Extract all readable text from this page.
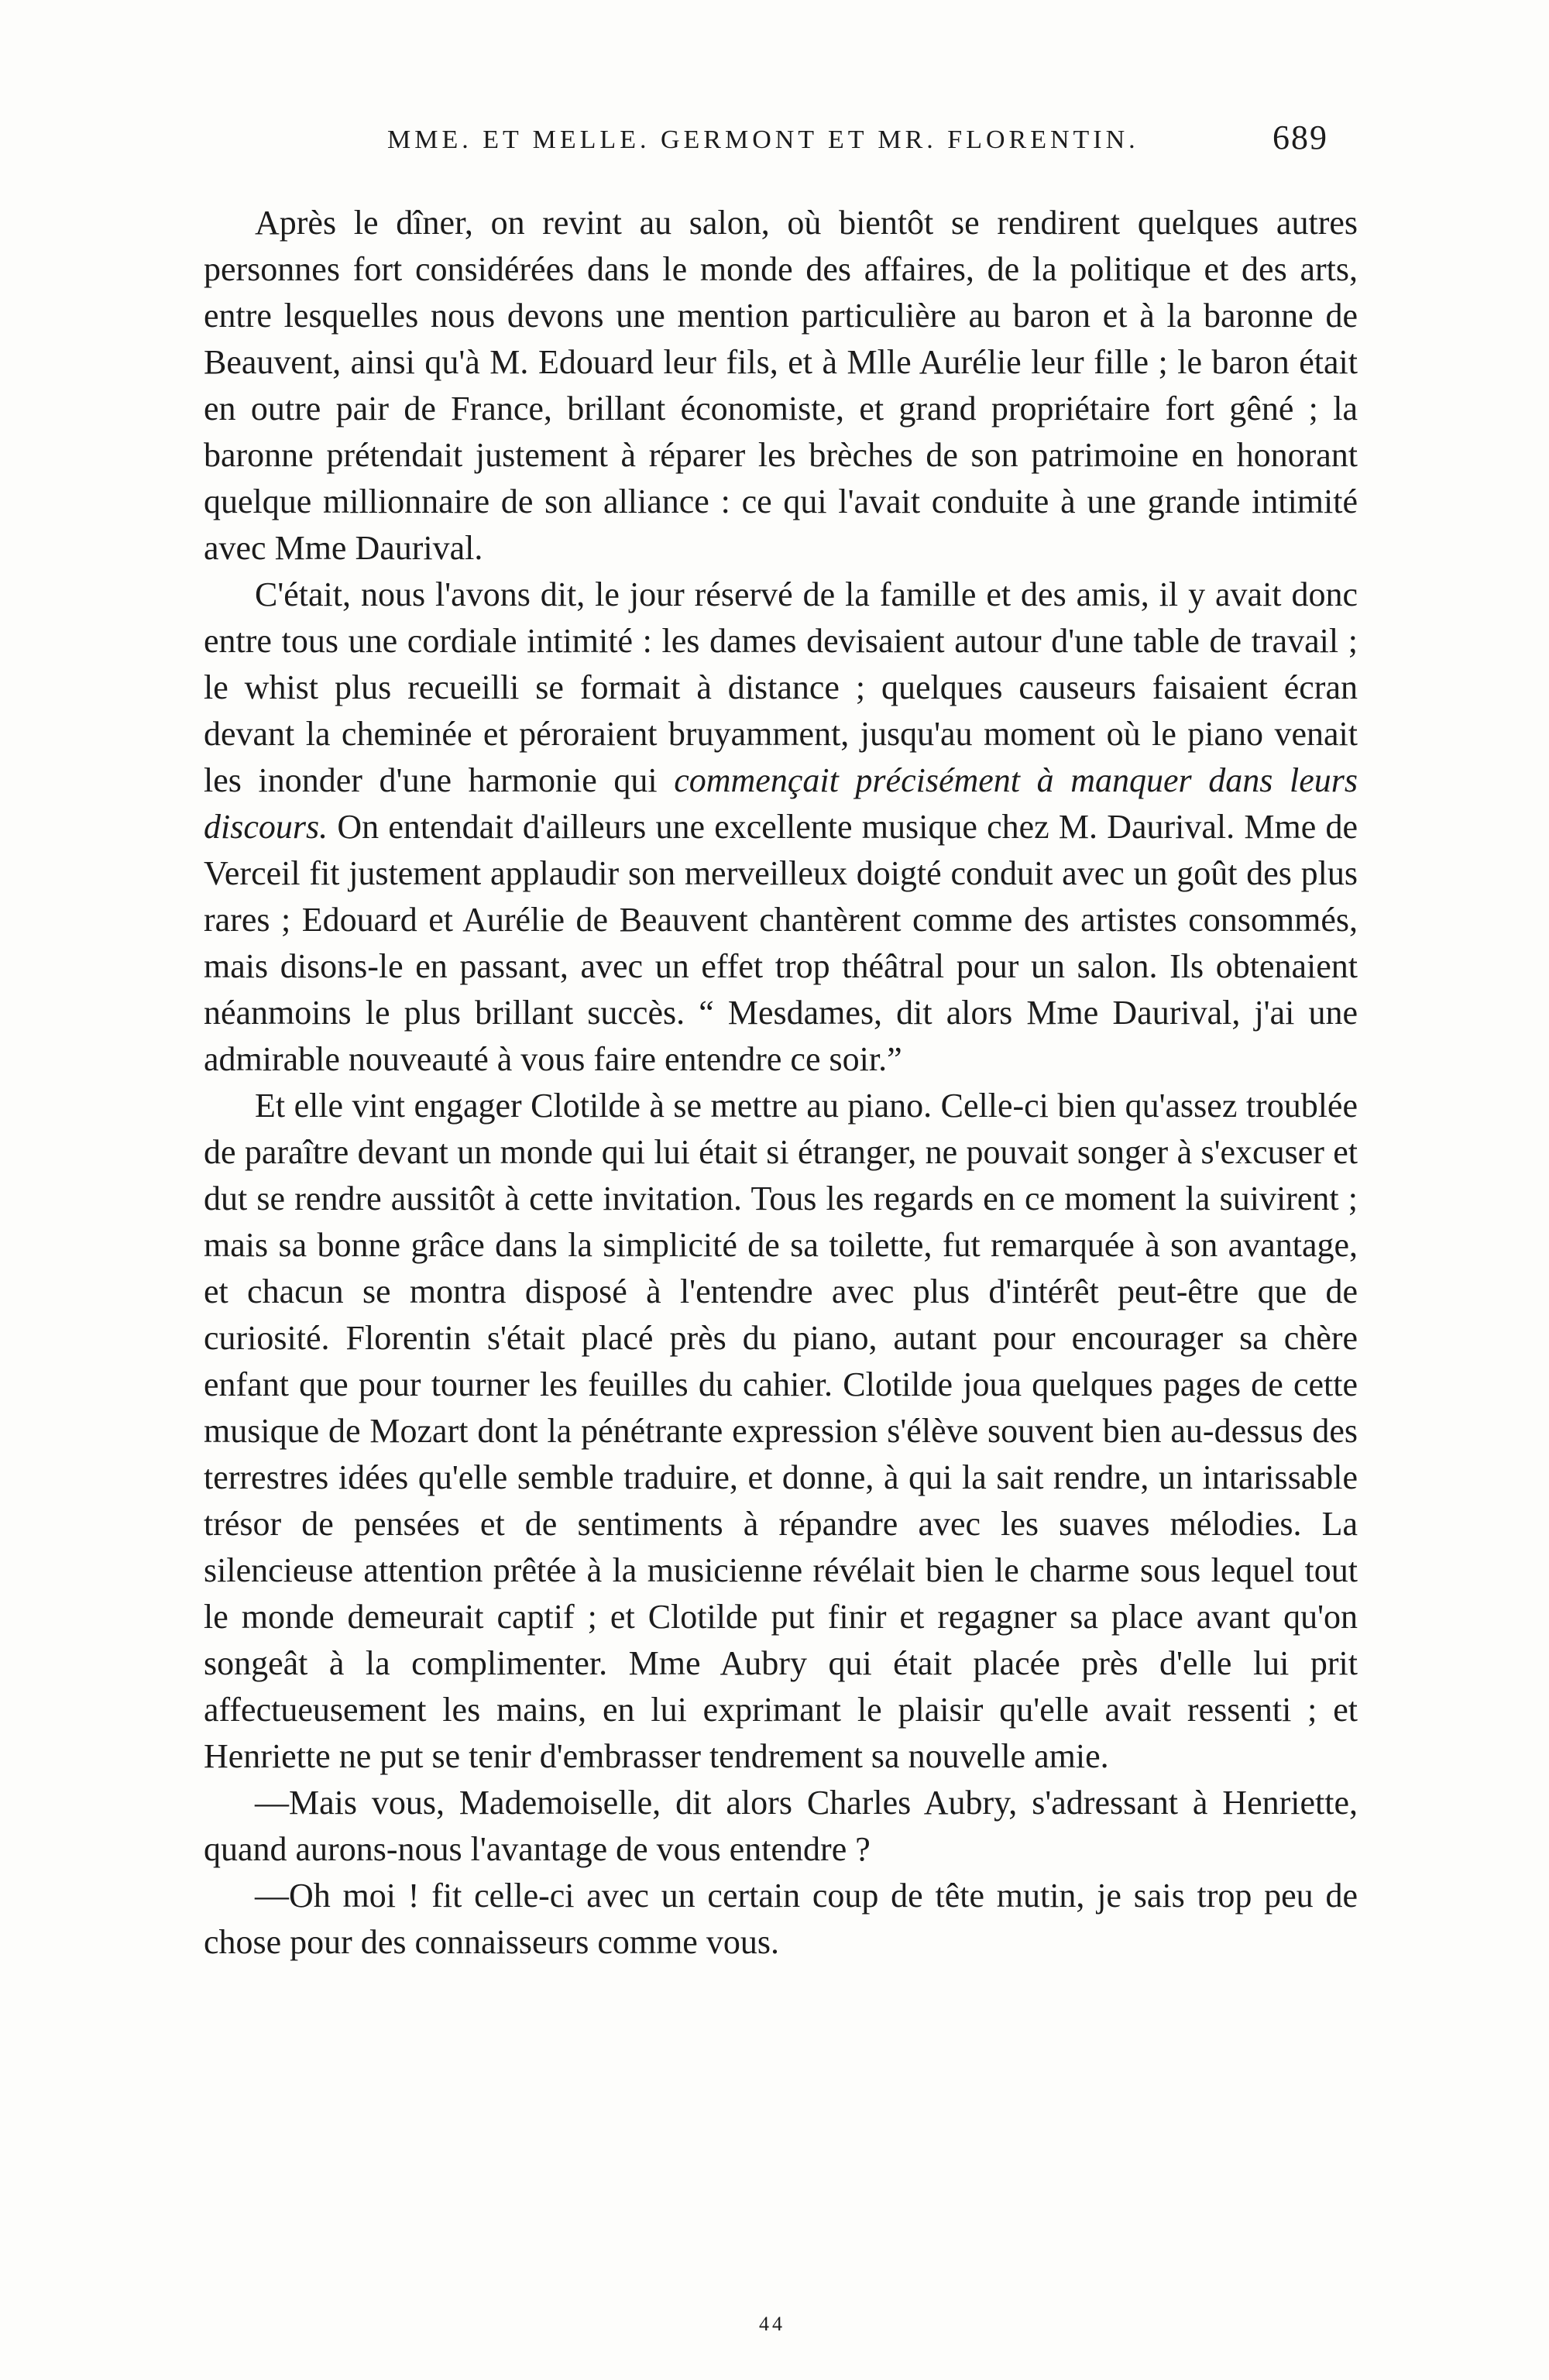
MME. ET MELLE. GERMONT ET MR. FLORENTIN.	689

Après le dîner, on revint au salon, où bientôt se rendirent quelques autres personnes fort considérées dans le monde des affaires, de la politique et des arts, entre lesquelles nous devons une mention particulière au baron et à la baronne de Beauvent, ainsi qu'à M. Edouard leur fils, et à Mlle Aurélie leur fille ; le baron était en outre pair de France, brillant économiste, et grand propriétaire fort gêné ; la baronne prétendait justement à réparer les brèches de son patrimoine en honorant quelque millionnaire de son alliance : ce qui l'avait conduite à une grande intimité avec Mme Daurival.

C'était, nous l'avons dit, le jour réservé de la famille et des amis, il y avait donc entre tous une cordiale intimité : les dames devisaient autour d'une table de travail ; le whist plus recueilli se formait à distance ; quelques causeurs faisaient écran devant la cheminée et péroraient bruyamment, jusqu'au moment où le piano venait les inonder d'une harmonie qui commençait précisément à manquer dans leurs discours. On entendait d'ailleurs une excellente musique chez M. Daurival. Mme de Verceil fit justement applaudir son merveilleux doigté conduit avec un goût des plus rares ; Edouard et Aurélie de Beauvent chantèrent comme des artistes consommés, mais disons-le en passant, avec un effet trop théâtral pour un salon. Ils obtenaient néanmoins le plus brillant succès. “ Mesdames, dit alors Mme Daurival, j'ai une admirable nouveauté à vous faire entendre ce soir.”

Et elle vint engager Clotilde à se mettre au piano. Celle-ci bien qu'assez troublée de paraître devant un monde qui lui était si étranger, ne pouvait songer à s'excuser et dut se rendre aussitôt à cette invitation. Tous les regards en ce moment la suivirent ; mais sa bonne grâce dans la simplicité de sa toilette, fut remarquée à son avantage, et chacun se montra disposé à l'entendre avec plus d'intérêt peut-être que de curiosité. Florentin s'était placé près du piano, autant pour encourager sa chère enfant que pour tourner les feuilles du cahier. Clotilde joua quelques pages de cette musique de Mozart dont la pénétrante expression s'élève souvent bien au-dessus des terrestres idées qu'elle semble traduire, et donne, à qui la sait rendre, un intarissable trésor de pensées et de sentiments à répandre avec les suaves mélodies. La silencieuse attention prêtée à la musicienne révélait bien le charme sous lequel tout le monde demeurait captif ; et Clotilde put finir et regagner sa place avant qu'on songeât à la complimenter. Mme Aubry qui était placée près d'elle lui prit affectueusement les mains, en lui exprimant le plaisir qu'elle avait ressenti ; et Henriette ne put se tenir d'embrasser tendrement sa nouvelle amie.

—Mais vous, Mademoiselle, dit alors Charles Aubry, s'adressant à Henriette, quand aurons-nous l'avantage de vous entendre ?

—Oh moi ! fit celle-ci avec un certain coup de tête mutin, je sais trop peu de chose pour des connaisseurs comme vous.

44
